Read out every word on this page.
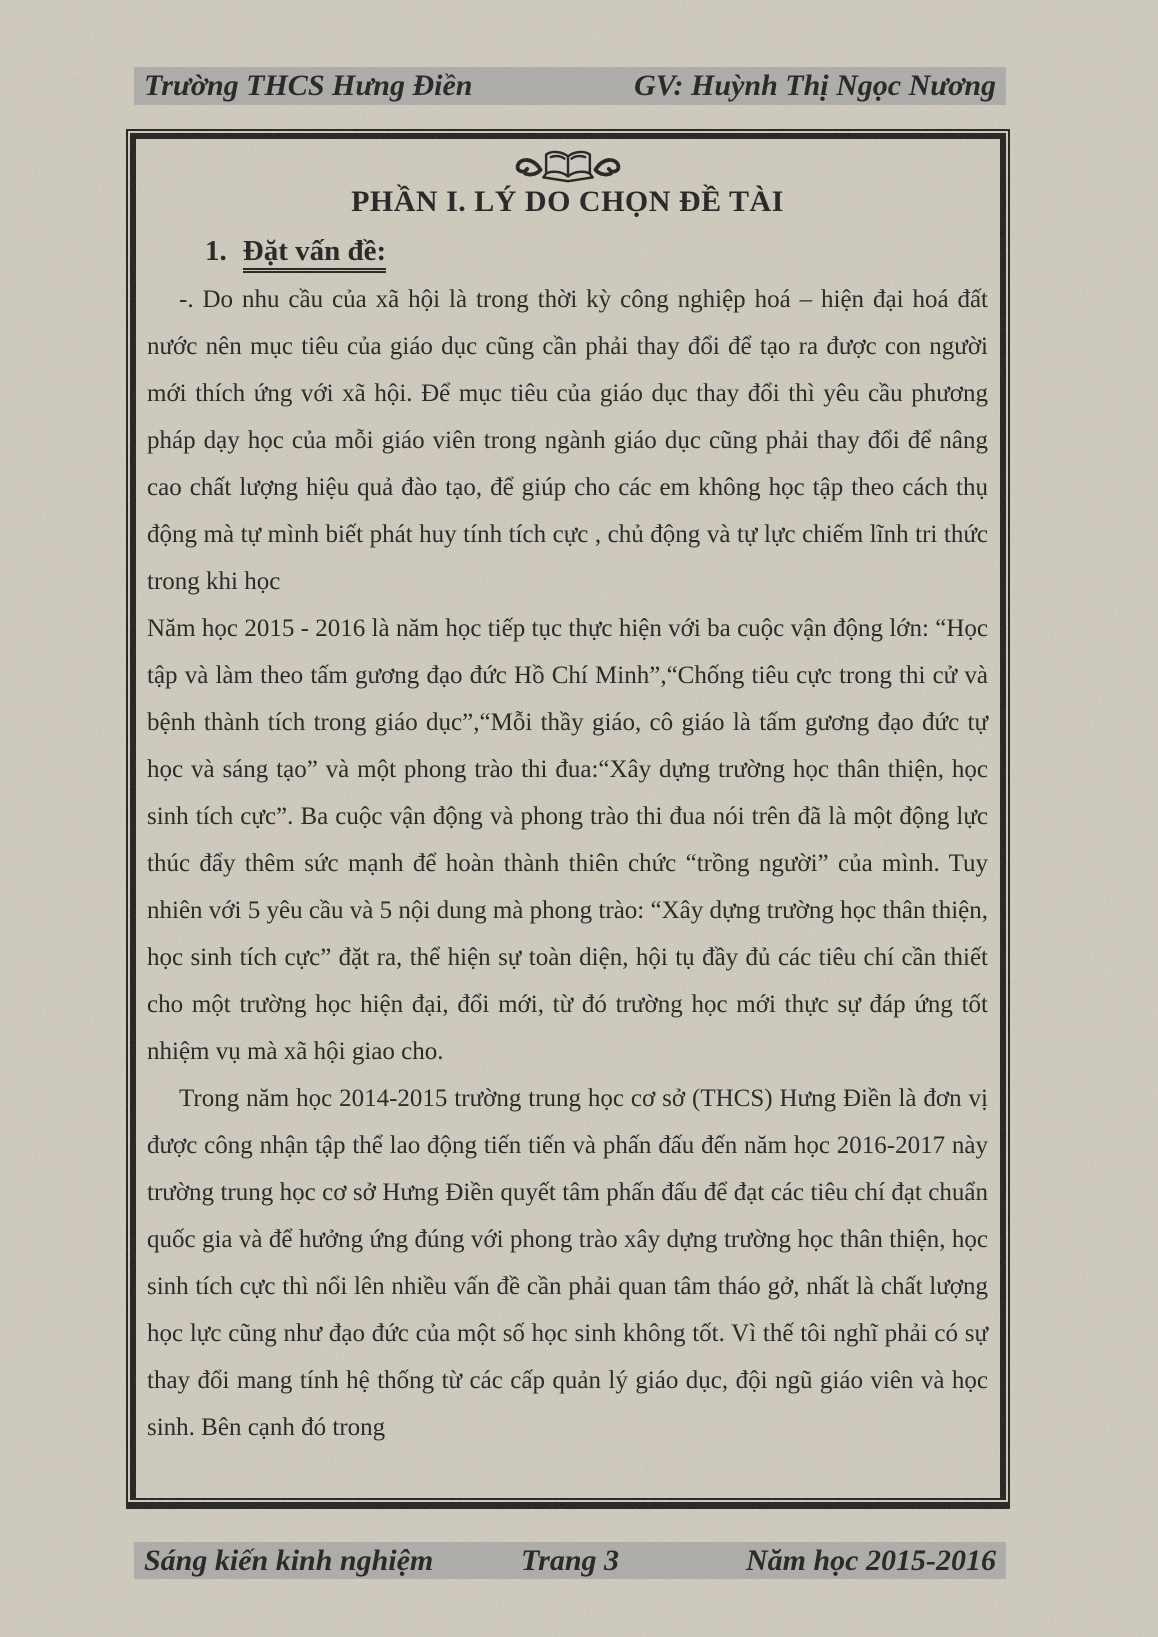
Trường THCS Hưng Điền	GV: Huỳnh Thị Ngọc Nương
PHẦN I. LÝ DO CHỌN ĐỀ TÀI
1. Đặt vấn đề:

-. Do nhu cầu của xã hội là trong thời kỳ công nghiệp hoá – hiện đại hoá đất nước nên mục tiêu của giáo dục cũng cần phải thay đổi để tạo ra được con người mới thích ứng với xã hội. Để mục tiêu của giáo dục thay đổi thì yêu cầu phương pháp dạy học của mỗi giáo viên trong ngành giáo dục cũng phải thay đổi để nâng cao chất lượng hiệu quả đào tạo, để giúp cho các em không học tập theo cách thụ động mà tự mình biết phát huy tính tích cực , chủ động và tự lực chiếm lĩnh tri thức trong khi học

Năm học 2015 - 2016 là năm học tiếp tục thực hiện với ba cuộc vận động lớn: “Học tập và làm theo tấm gương đạo đức Hồ Chí Minh”,“Chống tiêu cực trong thi cử và bệnh thành tích trong giáo dục”,“Mỗi thầy giáo, cô giáo là tấm gương đạo đức tự học và sáng tạo” và một phong trào thi đua:“Xây dựng trường học thân thiện, học sinh tích cực”. Ba cuộc vận động và phong trào thi đua nói trên đã là một động lực thúc đẩy thêm sức mạnh để hoàn thành thiên chức “trồng người” của mình. Tuy nhiên với 5 yêu cầu và 5 nội dung mà phong trào: “Xây dựng trường học thân thiện, học sinh tích cực” đặt ra, thể hiện sự toàn diện, hội tụ đầy đủ các tiêu chí cần thiết cho một trường học hiện đại, đổi mới, từ đó trường học mới thực sự đáp ứng tốt nhiệm vụ mà xã hội giao cho.

Trong năm học 2014-2015 trường trung học cơ sở (THCS) Hưng Điền là đơn vị được công nhận tập thể lao động tiến tiến và phấn đấu đến năm học 2016-2017 này trường trung học cơ sở Hưng Điền quyết tâm phấn đấu để đạt các tiêu chí đạt chuẩn quốc gia và để hưởng ứng đúng với phong trào xây dựng trường học thân thiện, học sinh tích cực thì nổi lên nhiều vấn đề cần phải quan tâm tháo gở, nhất là chất lượng học lực cũng như đạo đức của một số học sinh không tốt. Vì thế tôi nghĩ phải có sự thay đổi mang tính hệ thống từ các cấp quản lý giáo dục, đội ngũ giáo viên và học sinh. Bên cạnh đó trong

Sáng kiến kinh nghiệm	Trang 3	Năm học 2015-2016
